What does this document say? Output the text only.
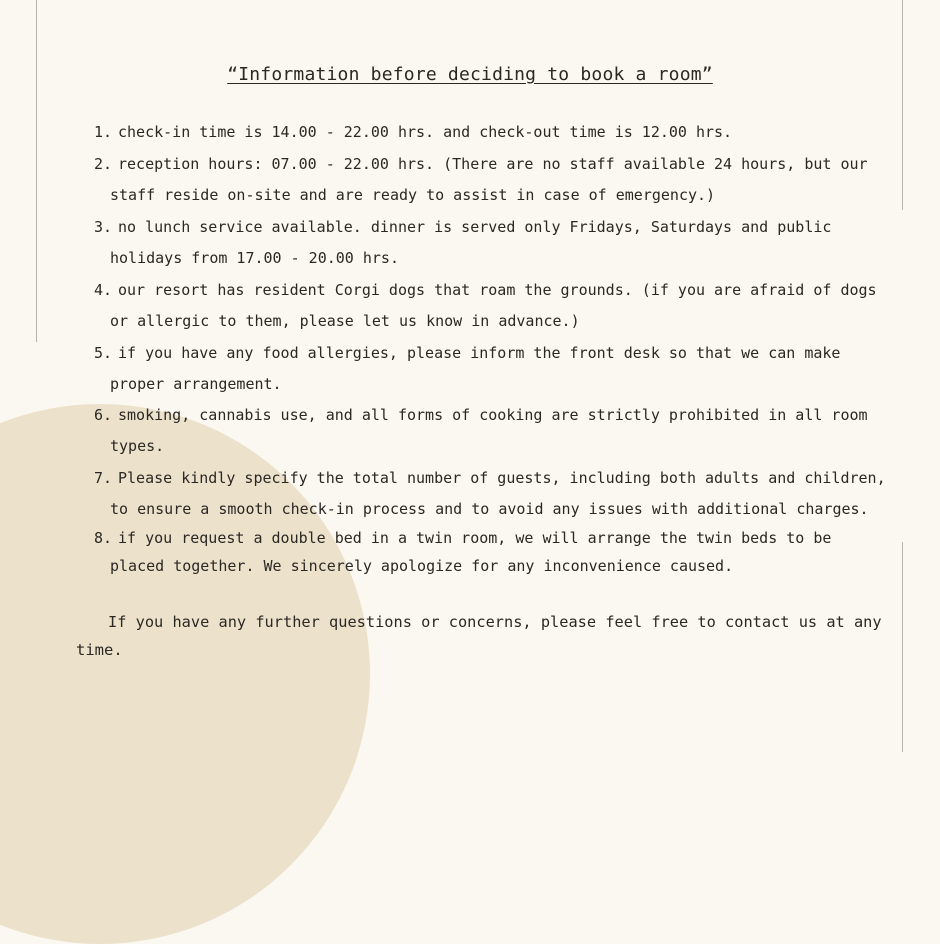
“Information before deciding to book a room”
1. check-in time is 14.00 - 22.00 hrs. and check-out time is 12.00 hrs.
2. reception hours: 07.00 - 22.00 hrs. (There are no staff available 24 hours, but our
staff reside on-site and are ready to assist in case of emergency.)
3. no lunch service available. dinner is served only Fridays, Saturdays and public
holidays from 17.00 - 20.00 hrs.
4. our resort has resident Corgi dogs that roam the grounds. (if you are afraid of dogs
or allergic to them, please let us know in advance.)
5. if you have any food allergies, please inform the front desk so that we can make
proper arrangement.
6. smoking, cannabis use, and all forms of cooking are strictly prohibited in all room
types.
7. Please kindly specify the total number of guests, including both adults and children,
to ensure a smooth check-in process and to avoid any issues with additional charges.
8. if you request a double bed in a twin room, we will arrange the twin beds to be
placed together. We sincerely apologize for any inconvenience caused.
If you have any further questions or concerns, please feel free to contact us at any
time.
